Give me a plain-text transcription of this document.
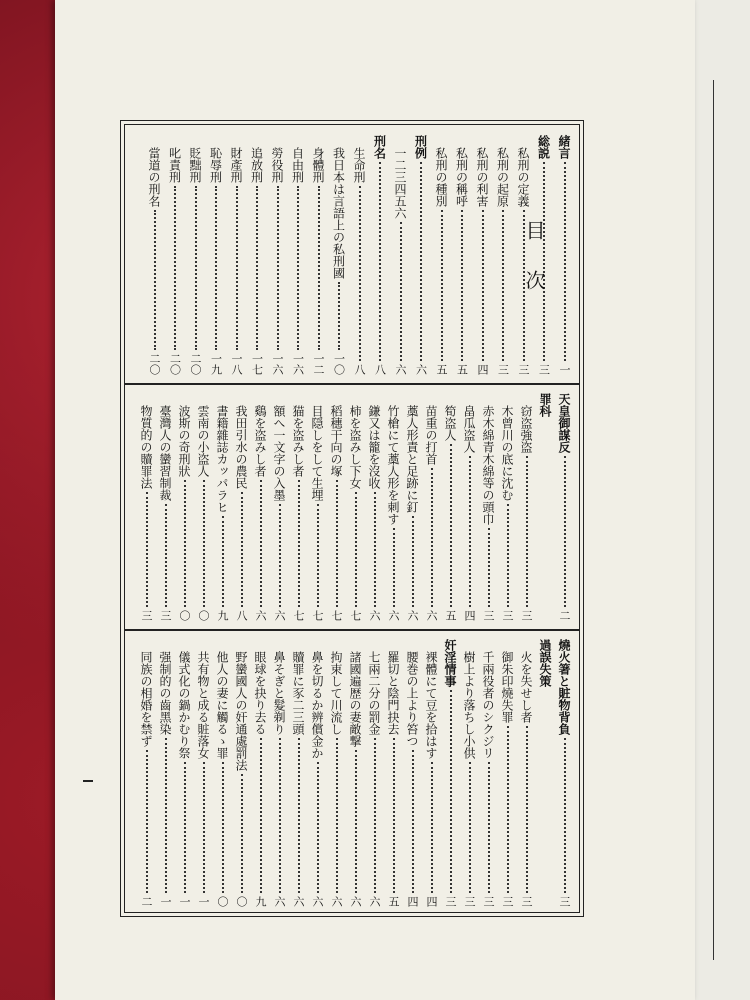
緒言
一
総説
三
私刑の定義
三
私刑の起原
三
私刑の利害
四
私刑の稱呼
五
私刑の種別
五
刑例
六
一二三四五六
六
刑名
八
生命刑
八
我日本は言語上の私刑國
一〇
身體刑
一二
自由刑
一六
勞役刑
一六
追放刑
一七
財產刑
一八
恥辱刑
一九
貶黜刑
二〇
叱責刑
二〇
當道の刑名
二〇
天皇御謀反
二
罪科
窃盗強盗
三
木曾川の底に沈む
三
赤木綿青木綿等の頭巾
三
畠瓜盗人
四
筍盗人
五
苗重の打首
六
藁人形責と足跡に釘
六
竹槍にて藁人形を刺す
六
鎌又は籠を沒收
六
柿を盗みし下女
七
稻穗干向の塚
七
目隠しをして生埋
七
猫を盗みし者
七
額へ一文字の入墨
六
鷄を盗みし者
六
我田引水の農民
八
書籍雜誌カッパラヒ
九
雲南の小盗人
〇
波斯の奇刑狀
〇
臺灣人の蠻習制裁
三
物質的の贖罪法
三
燒火箸と賍物背負
三
過誤失策
火を失せし者
三
御朱印燒失罪
三
千兩役者のシクジリ
三
樹上より落ちし小供
三
奸淫情事
三
裸體にて豆を拾はす
四
腰巻の上より笞つ
四
羅切と陰門抉去
五
七兩二分の罰金
六
諸國遍歴の妻敵撃
六
拘束して川流し
六
鼻を切るか辨償金か
六
贖罪に豕二三頭
六
鼻そぎと髮剃り
六
眼球を抉り去る
九
野蠻國人の奸通處罰法
〇
他人の妻に觸るゝ罪
〇
共有物と成る賍落女
一
儀式化の鍋かむり祭
一
强制的の齒黑染
一
同族の相婚を禁ず
二
目次
